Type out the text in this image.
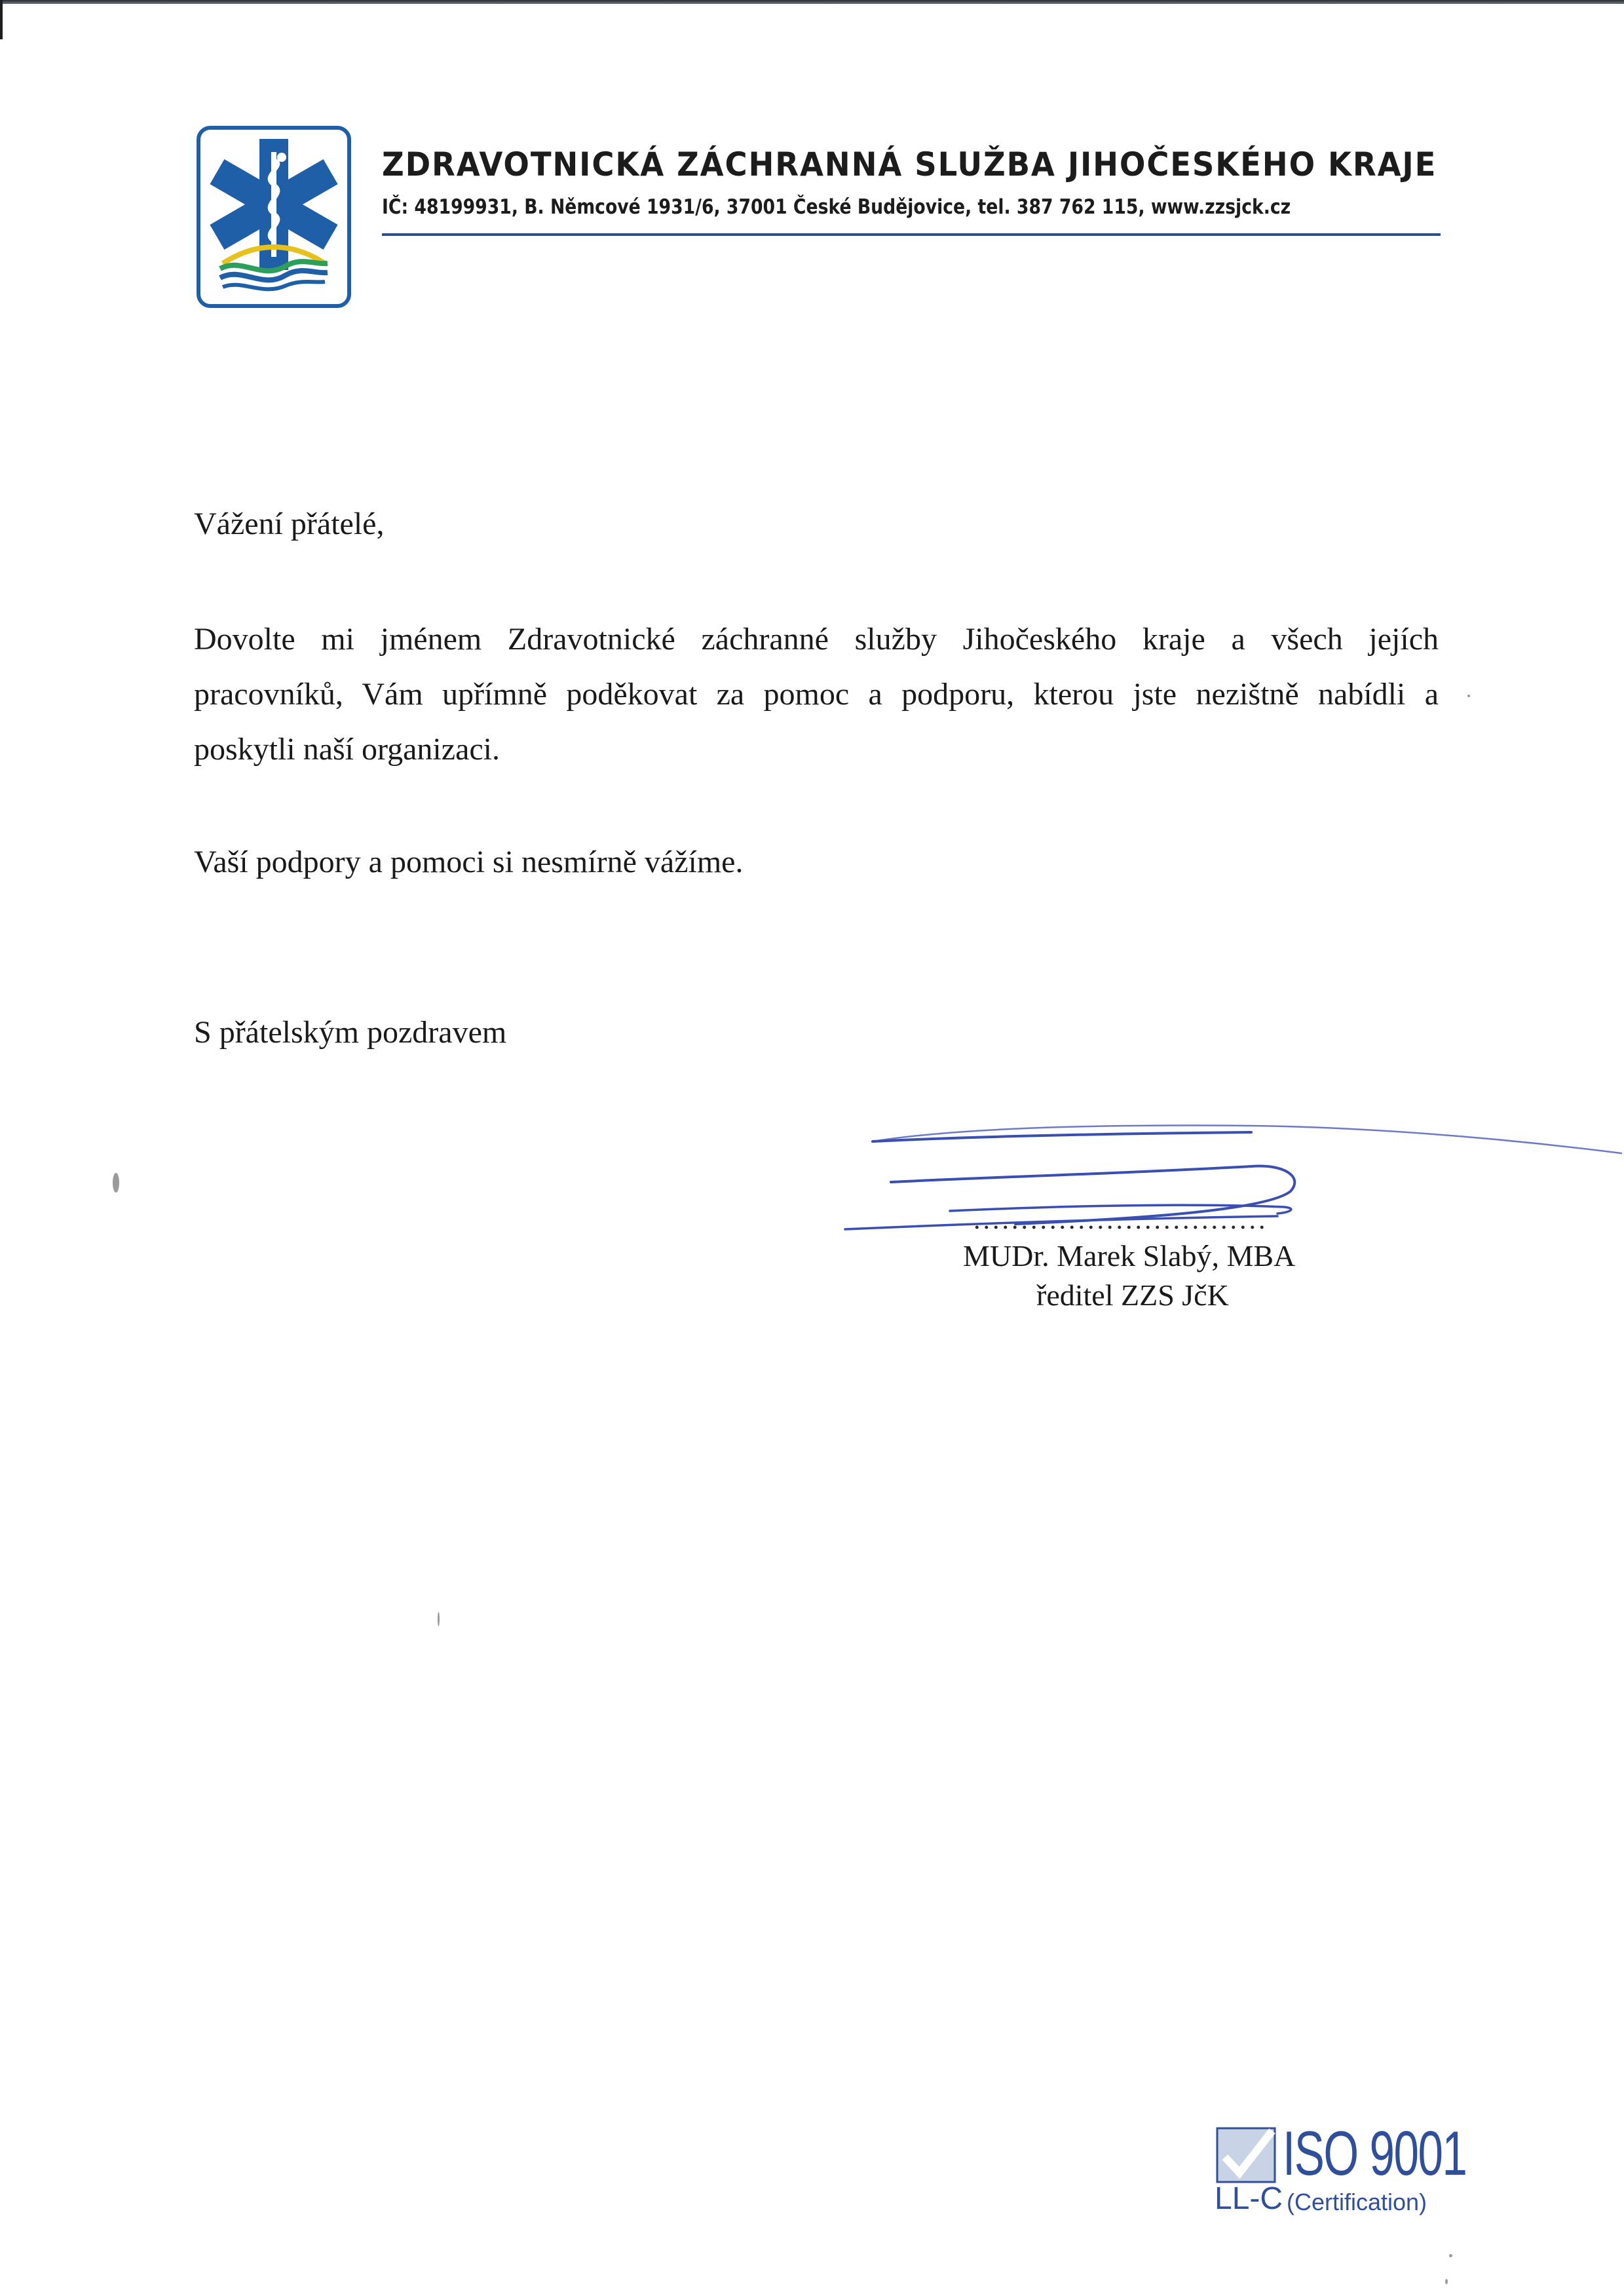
ZDRAVOTNICKÁ ZÁCHRANNÁ SLUŽBA JIHOČESKÉHO KRAJE
IČ: 48199931, B. Němcové 1931/6, 37001 České Budějovice, tel. 387 762 115, www.zzsjck.cz
Vážení přátelé,
Dovolte mi jménem Zdravotnické záchranné služby Jihočeského kraje a všech jejích
pracovníků, Vám upřímně poděkovat za pomoc a podporu, kterou jste nezištně nabídli a
poskytli naší organizaci.
Vaší podpory a pomoci si nesmírně vážíme.
S přátelským pozdravem
...............................
MUDr. Marek Slabý, MBA
ředitel ZZS JčK
ISO 9001
LL-C (Certification)
